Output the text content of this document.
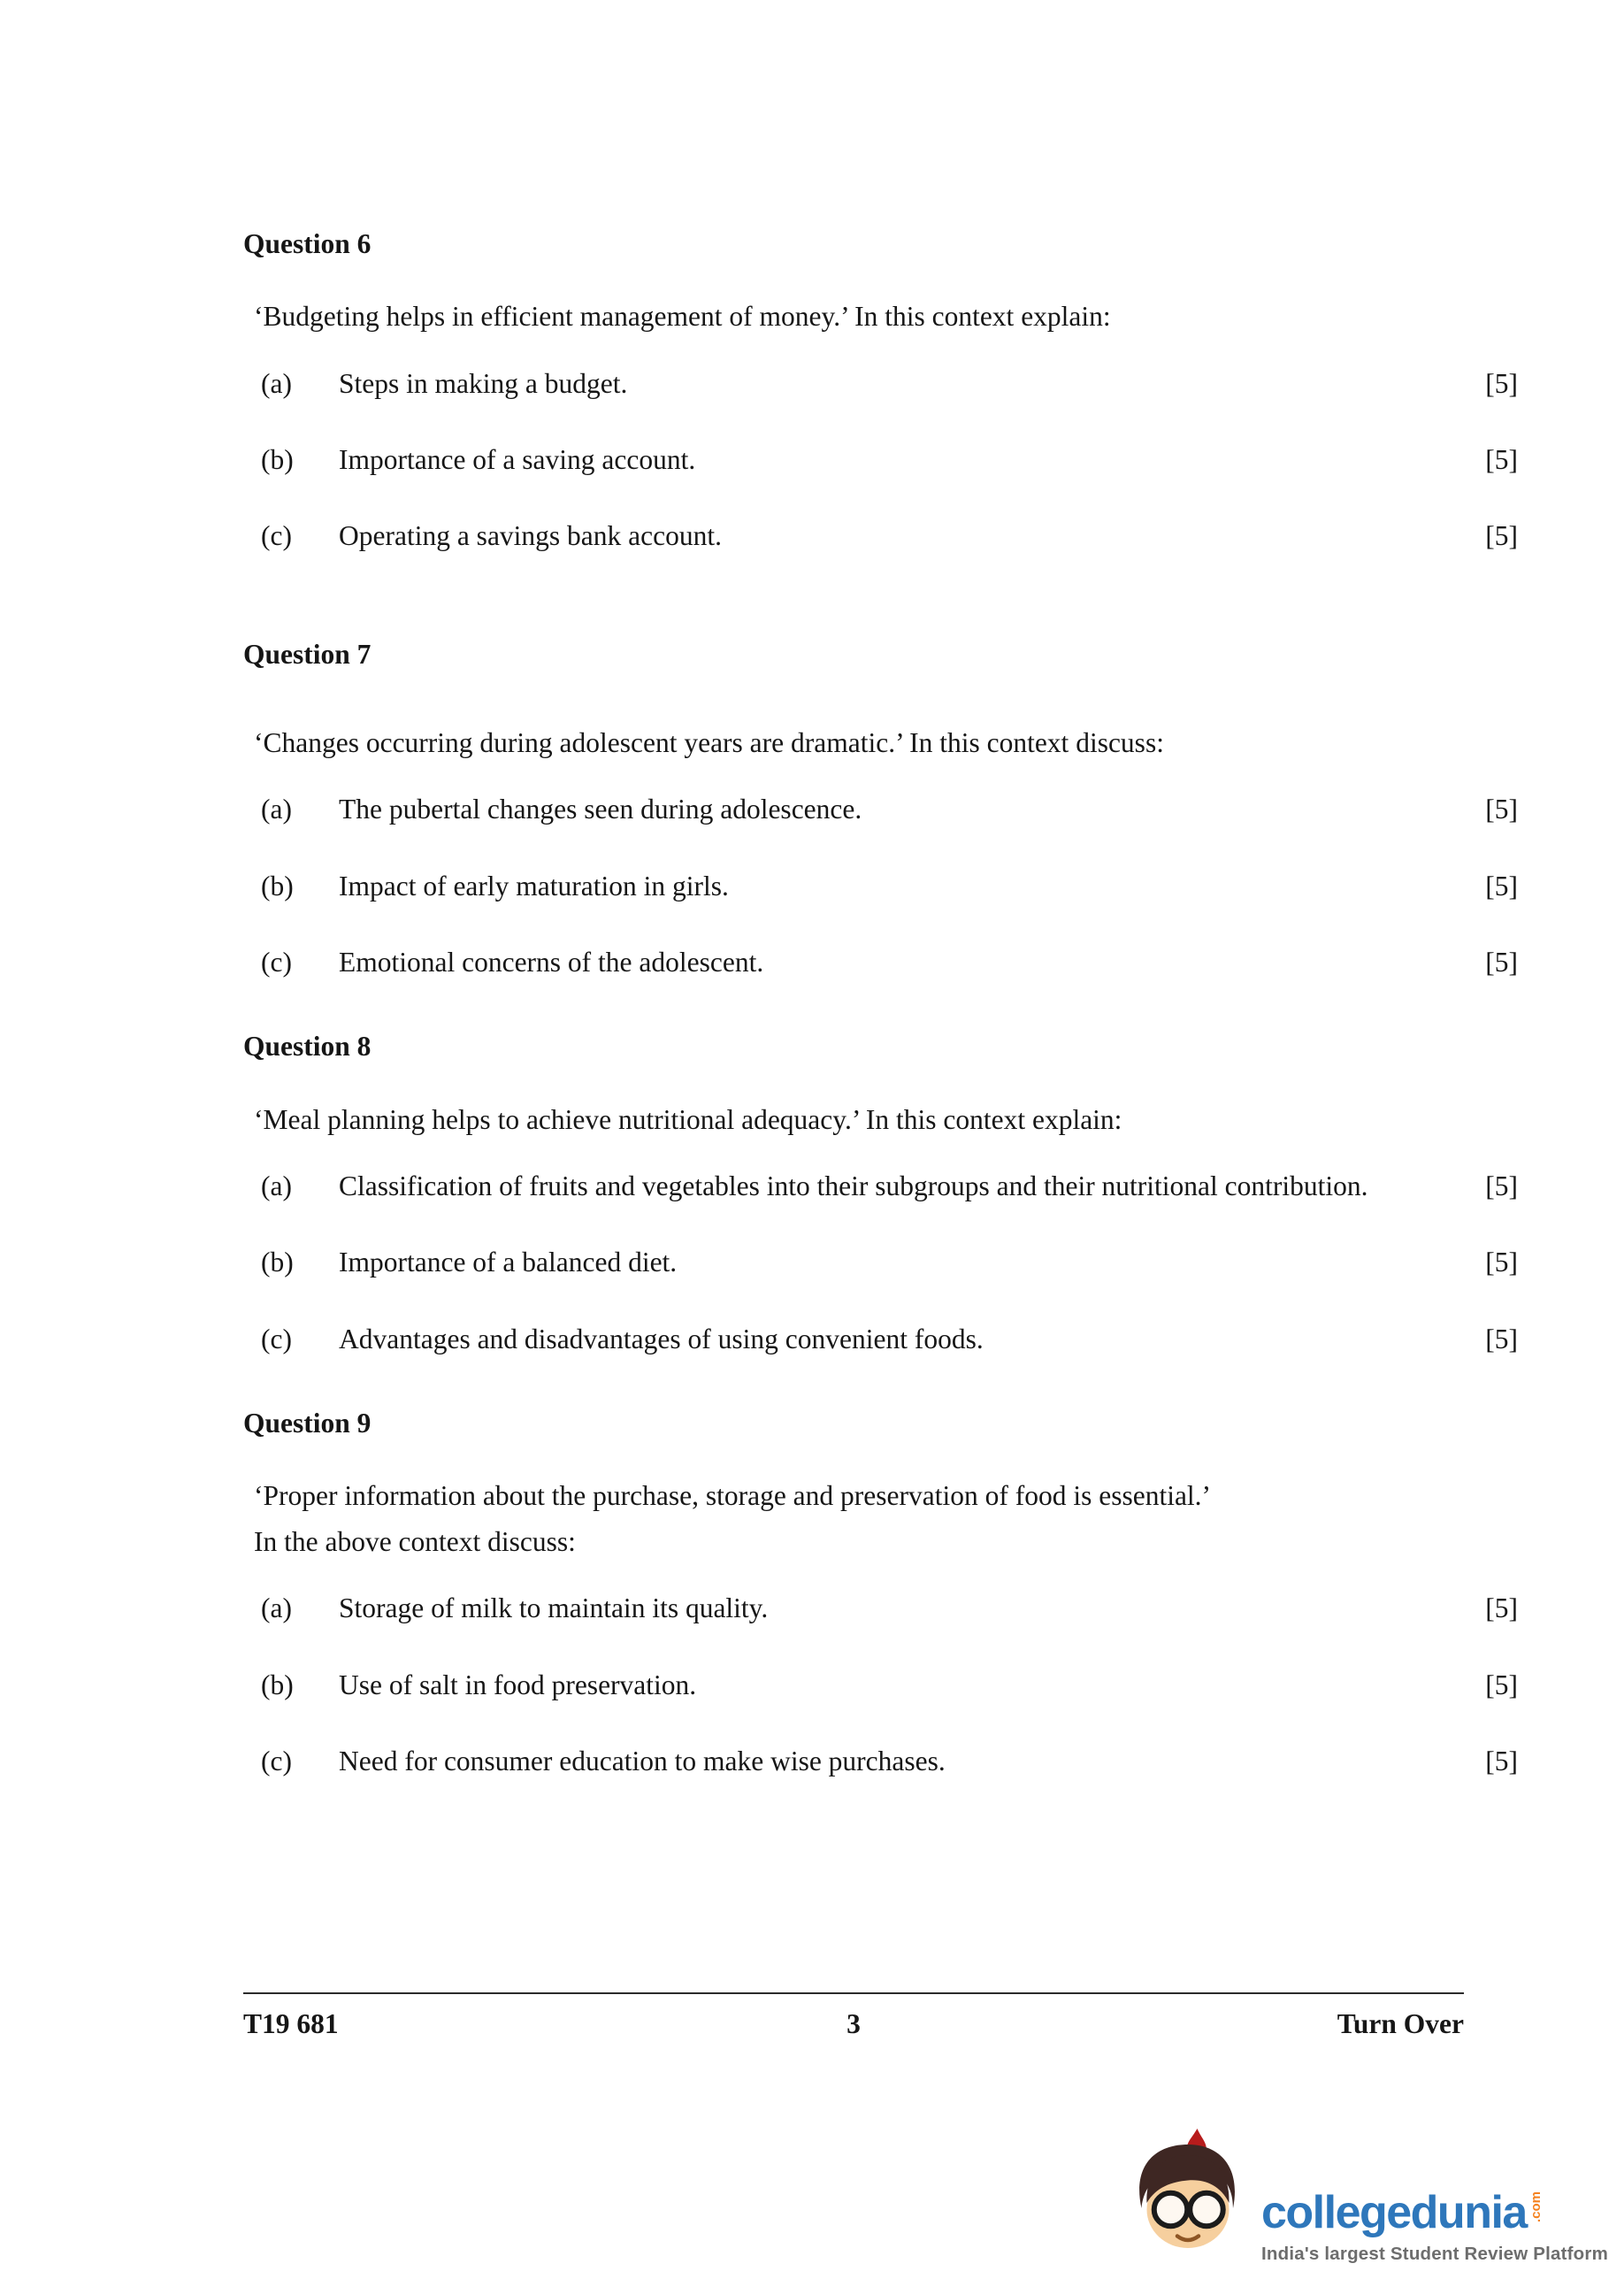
Question 6
‘Budgeting helps in efficient management of money.’ In this context explain:
(a)	Steps in making a budget.	[5]
(b)	Importance of a saving account.	[5]
(c)	Operating a savings bank account.	[5]
Question 7
‘Changes occurring during adolescent years are dramatic.’ In this context discuss:
(a)	The pubertal changes seen during adolescence.	[5]
(b)	Impact of early maturation in girls.	[5]
(c)	Emotional concerns of the adolescent.	[5]
Question 8
‘Meal planning helps to achieve nutritional adequacy.’ In this context explain:
(a)	Classification of fruits and vegetables into their subgroups and their nutritional contribution.	[5]
(b)	Importance of a balanced diet.	[5]
(c)	Advantages and disadvantages of using convenient foods.	[5]
Question 9
‘Proper information about the purchase, storage and preservation of food is essential.’
In the above context discuss:
(a)	Storage of milk to maintain its quality.	[5]
(b)	Use of salt in food preservation.	[5]
(c)	Need for consumer education to make wise purchases.	[5]
T19 681	3	Turn Over
collegedunia .com
India's largest Student Review Platform
